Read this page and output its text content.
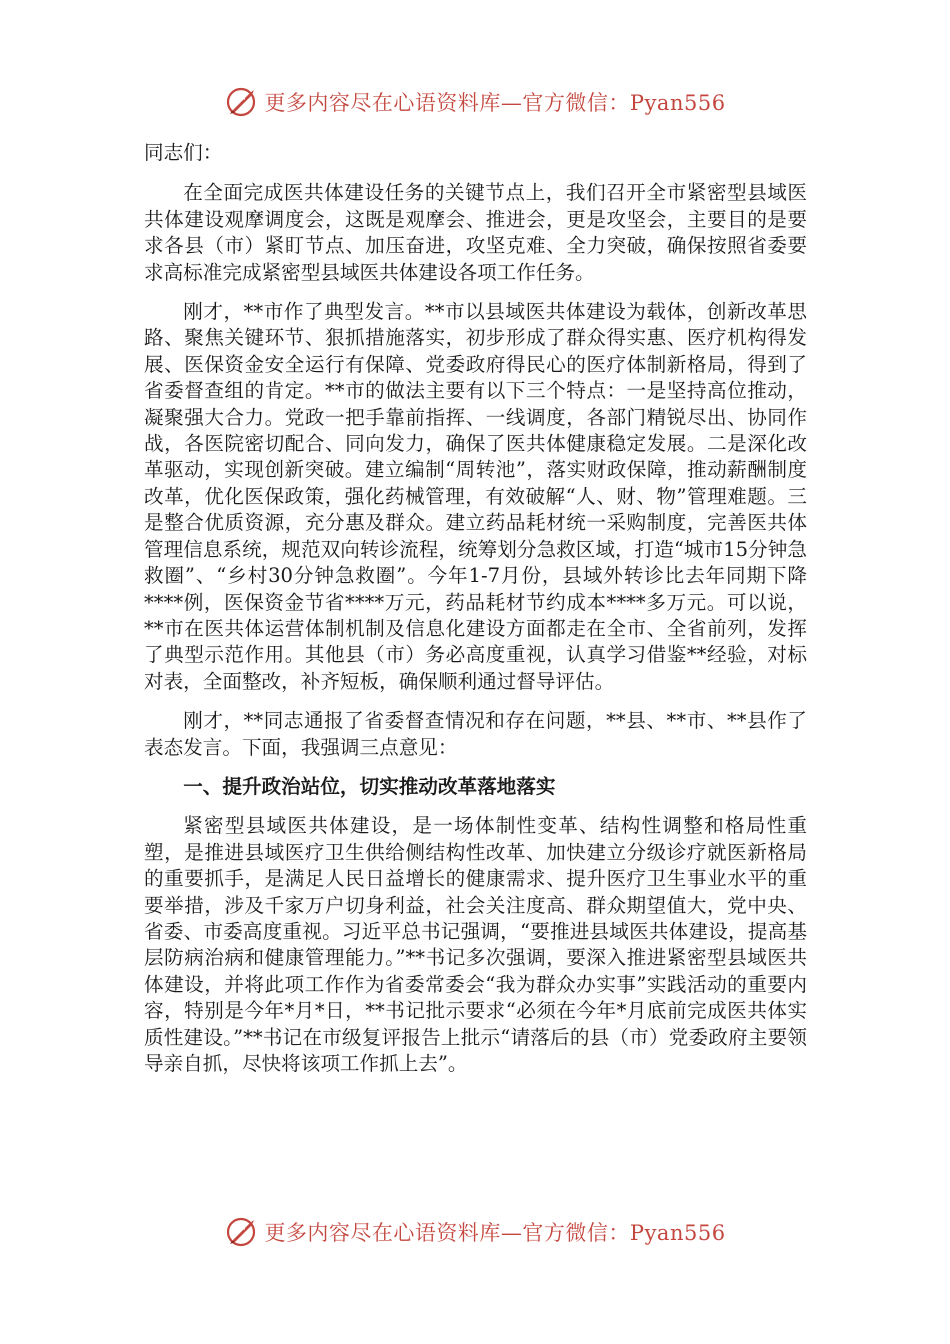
更多内容尽在心语资料库—官方微信：Pyan556

同志们：

在全面完成医共体建设任务的关键节点上，我们召开全市紧密型县域医共体建设观摩调度会，这既是观摩会、推进会，更是攻坚会，主要目的是要求各县（市）紧盯节点、加压奋进，攻坚克难、全力突破，确保按照省委要求高标准完成紧密型县域医共体建设各项工作任务。

刚才，**市作了典型发言。**市以县域医共体建设为载体，创新改革思路、聚焦关键环节、狠抓措施落实，初步形成了群众得实惠、医疗机构得发展、医保资金安全运行有保障、党委政府得民心的医疗体制新格局，得到了省委督查组的肯定。**市的做法主要有以下三个特点：一是坚持高位推动，凝聚强大合力。党政一把手靠前指挥、一线调度，各部门精锐尽出、协同作战，各医院密切配合、同向发力，确保了医共体健康稳定发展。二是深化改革驱动，实现创新突破。建立编制“周转池”，落实财政保障，推动薪酬制度改革，优化医保政策，强化药械管理，有效破解“人、财、物”管理难题。三是整合优质资源，充分惠及群众。建立药品耗材统一采购制度，完善医共体管理信息系统，规范双向转诊流程，统筹划分急救区域，打造“城市15分钟急救圈”、“乡村30分钟急救圈”。今年1-7月份，县域外转诊比去年同期下降****例，医保资金节省****万元，药品耗材节约成本****多万元。可以说，**市在医共体运营体制机制及信息化建设方面都走在全市、全省前列，发挥了典型示范作用。其他县（市）务必高度重视，认真学习借鉴**经验，对标对表，全面整改，补齐短板，确保顺利通过督导评估。

刚才，**同志通报了省委督查情况和存在问题，**县、**市、**县作了表态发言。下面，我强调三点意见：

一、提升政治站位，切实推动改革落地落实

紧密型县域医共体建设，是一场体制性变革、结构性调整和格局性重塑，是推进县域医疗卫生供给侧结构性改革、加快建立分级诊疗就医新格局的重要抓手，是满足人民日益增长的健康需求、提升医疗卫生事业水平的重要举措，涉及千家万户切身利益，社会关注度高、群众期望值大，党中央、省委、市委高度重视。习近平总书记强调，“要推进县域医共体建设，提高基层防病治病和健康管理能力。”**书记多次强调，要深入推进紧密型县域医共体建设，并将此项工作作为省委常委会“我为群众办实事”实践活动的重要内容，特别是今年*月*日，**书记批示要求“必须在今年*月底前完成医共体实质性建设。”**书记在市级复评报告上批示“请落后的县（市）党委政府主要领导亲自抓，尽快将该项工作抓上去”。

更多内容尽在心语资料库—官方微信：Pyan556
